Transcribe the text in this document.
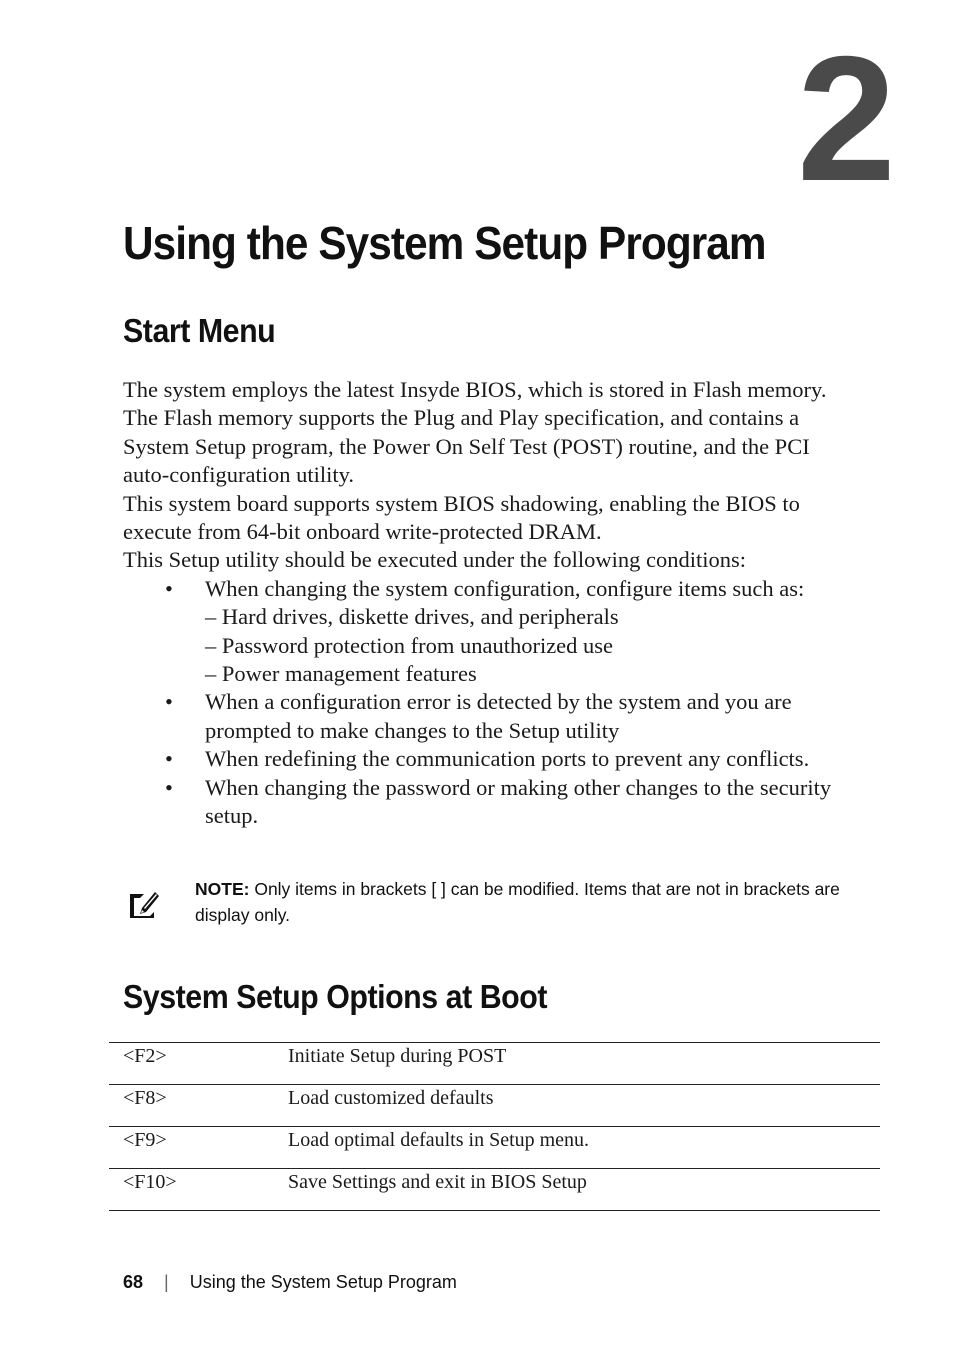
2
Using the System Setup Program
Start Menu

The system employs the latest Insyde BIOS, which is stored in Flash memory. The Flash memory supports the Plug and Play specification, and contains a System Setup program, the Power On Self Test (POST) routine, and the PCI auto-configuration utility.

This system board supports system BIOS shadowing, enabling the BIOS to execute from 64-bit onboard write-protected DRAM.

This Setup utility should be executed under the following conditions:

• When changing the system configuration, configure items such as:
– Hard drives, diskette drives, and peripherals
– Password protection from unauthorized use
– Power management features
• When a configuration error is detected by the system and you are prompted to make changes to the Setup utility
• When redefining the communication ports to prevent any conflicts.
• When changing the password or making other changes to the security setup.
NOTE: Only items in brackets [ ] can be modified. Items that are not in brackets are display only.
System Setup Options at Boot
<F2>	Initiate Setup during POST
<F8>	Load customized defaults
<F9>	Load optimal defaults in Setup menu.
<F10>	Save Settings and exit in BIOS Setup
68 | Using the System Setup Program
